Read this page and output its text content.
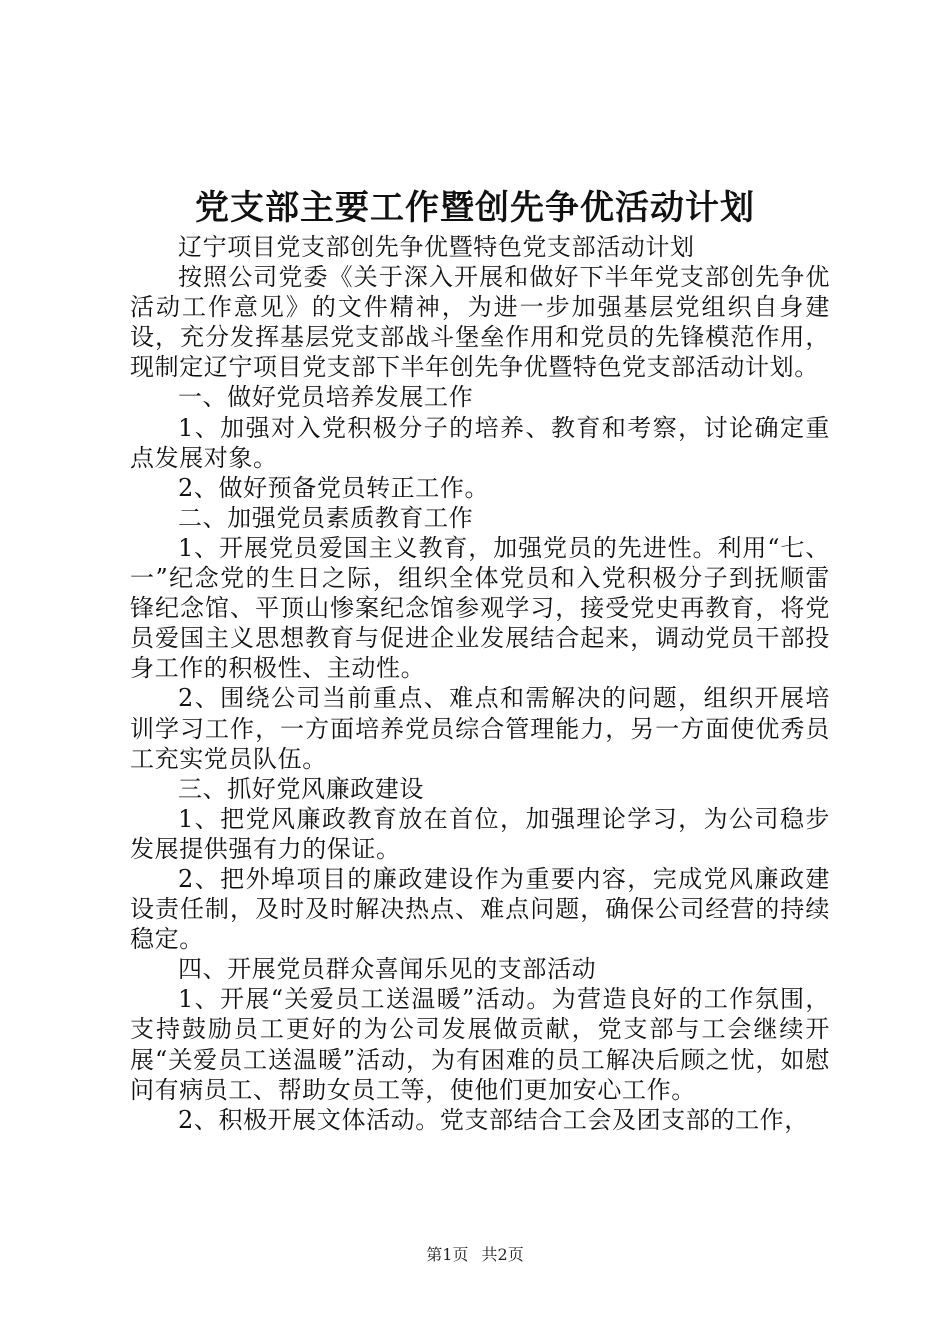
党支部主要工作暨创先争优活动计划

辽宁项目党支部创先争优暨特色党支部活动计划

按照公司党委《关于深入开展和做好下半年党支部创先争优活动工作意见》的文件精神，为进一步加强基层党组织自身建设，充分发挥基层党支部战斗堡垒作用和党员的先锋模范作用，现制定辽宁项目党支部下半年创先争优暨特色党支部活动计划。

一、做好党员培养发展工作

1、加强对入党积极分子的培养、教育和考察，讨论确定重点发展对象。

2、做好预备党员转正工作。

二、加强党员素质教育工作

1、开展党员爱国主义教育，加强党员的先进性。利用“七、一”纪念党的生日之际，组织全体党员和入党积极分子到抚顺雷锋纪念馆、平顶山惨案纪念馆参观学习，接受党史再教育，将党员爱国主义思想教育与促进企业发展结合起来，调动党员干部投身工作的积极性、主动性。

2、围绕公司当前重点、难点和需解决的问题，组织开展培训学习工作，一方面培养党员综合管理能力，另一方面使优秀员工充实党员队伍。

三、抓好党风廉政建设

1、把党风廉政教育放在首位，加强理论学习，为公司稳步发展提供强有力的保证。

2、把外埠项目的廉政建设作为重要内容，完成党风廉政建设责任制，及时及时解决热点、难点问题，确保公司经营的持续稳定。

四、开展党员群众喜闻乐见的支部活动

1、开展“关爱员工送温暖”活动。为营造良好的工作氛围，支持鼓励员工更好的为公司发展做贡献，党支部与工会继续开展“关爱员工送温暖”活动，为有困难的员工解决后顾之忧，如慰问有病员工、帮助女员工等，使他们更加安心工作。

2、积极开展文体活动。党支部结合工会及团支部的工作，

第1页 共2页
